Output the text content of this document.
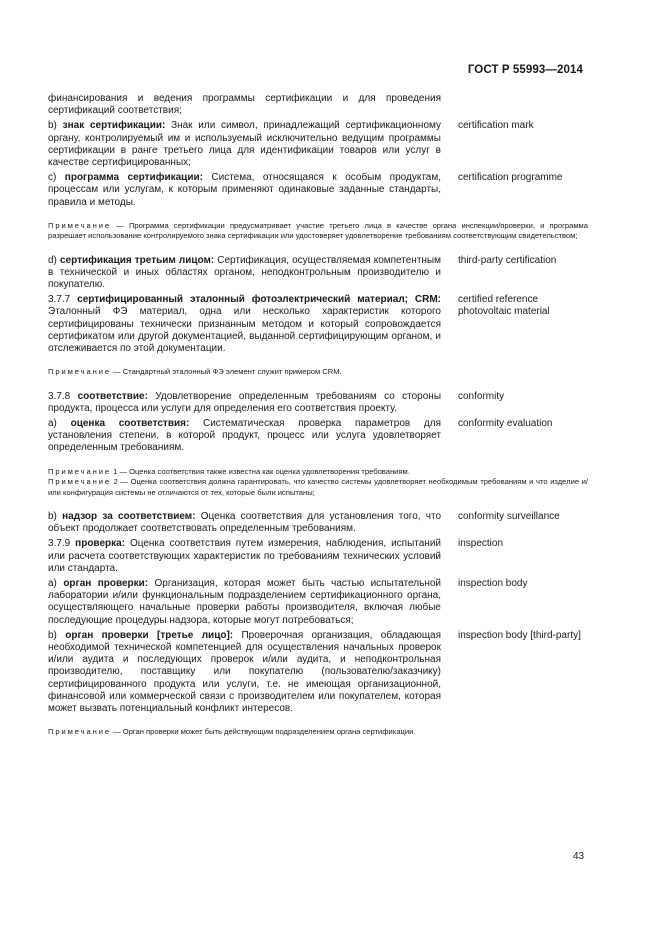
ГОСТ Р 55993—2014
финансирования и ведения программы сертификации и для проведения сертификаций соответствия;
b) знак сертификации: Знак или символ, принадлежащий сертификационному органу, контролируемый им и используемый исключительно ведущим программы сертификации в ранге третьего лица для идентификации товаров или услуг в качестве сертифицированных;
certification mark
c) программа сертификации: Система, относящаяся к особым продуктам, процессам или услугам, к которым применяют одинаковые заданные стандарты, правила и методы.
certification programme
Примечание — Программа сертификации предусматривает участие третьего лица в качестве органа инспекции/проверки, и программа разрешает использование контролируемого знака сертификации или удостоверяет удовлетворение требованиям соответствующим свидетельством;
d) сертификация третьим лицом: Сертификация, осуществляемая компетентным в технической и иных областях органом, неподконтрольным производителю и покупателю.
third-party certification
3.7.7 сертифицированный эталонный фотоэлектрический материал; CRM: Эталонный ФЭ материал, одна или несколько характеристик которого сертифицированы технически признанным методом и который сопровождается сертификатом или другой документацией, выданной сертифицирующим органом, и отслеживается по этой документации.
certified reference photovoltaic material
Примечание — Стандартный эталонный ФЭ элемент служит примером CRM.
3.7.8 соответствие: Удовлетворение определенным требованиям со стороны продукта, процесса или услуги для определения его соответствия проекту.
conformity
a) оценка соответствия: Систематическая проверка параметров для установления степени, в которой продукт, процесс или услуга удовлетворяет определенным требованиям.
conformity evaluation
Примечание 1 — Оценка соответствия также известна как оценка удовлетворения требованиям.
Примечание 2 — Оценка соответствия должна гарантировать, что качество системы удовлетворяет необходимым требованиям и что изделие и/или конфигурация системы не отличаются от тех, которые были испытаны;
b) надзор за соответствием: Оценка соответствия для установления того, что объект продолжает соответствовать определенным требованиям.
conformity surveillance
3.7.9 проверка: Оценка соответствия путем измерения, наблюдения, испытаний или расчета соответствующих характеристик по требованиям технических условий или стандарта.
inspection
a) орган проверки: Организация, которая может быть частью испытательной лаборатории и/или функциональным подразделением сертификационного органа, осуществляющего начальные проверки работы производителя, включая любые последующие процедуры надзора, которые могут потребоваться;
inspection body
b) орган проверки [третье лицо]: Проверочная организация, обладающая необходимой технической компетенцией для осуществления начальных проверок и/или аудита и последующих проверок и/или аудита, и неподконтрольная производителю, поставщику или покупателю (пользователю/заказчику) сертифицированного продукта или услуги, т.е. не имеющая организационной, финансовой или коммерческой связи с производителем или покупателем, которая может вызвать потенциальный конфликт интересов.
inspection body [third-party]
Примечание — Орган проверки может быть действующим подразделением органа сертификации.
43
